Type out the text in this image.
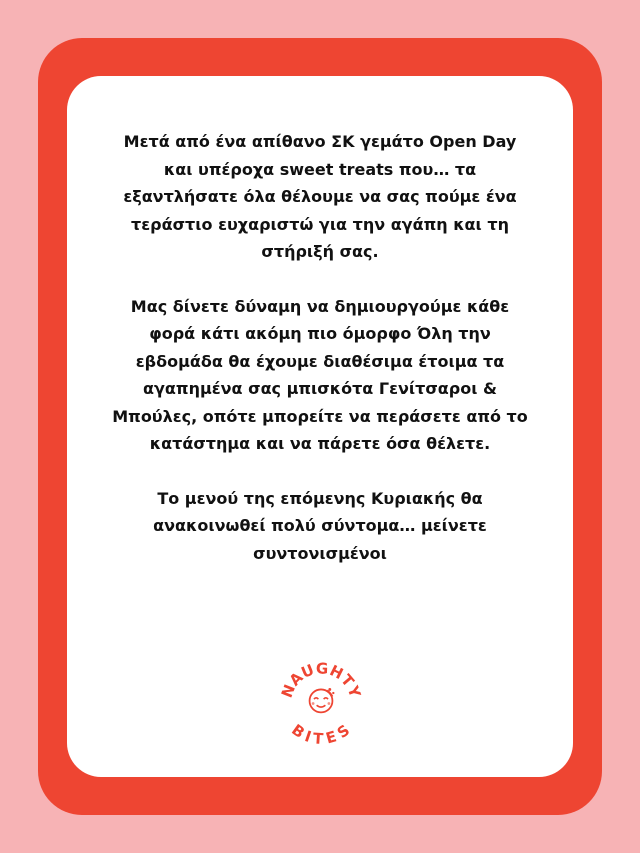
Μετά από ένα απίθανο ΣΚ γεμάτο Open Day
και υπέροχα sweet treats που… τα
εξαντλήσατε όλα θέλουμε να σας πούμε ένα
τεράστιο ευχαριστώ για την αγάπη και τη
στήριξή σας.

Μας δίνετε δύναμη να δημιουργούμε κάθε
φορά κάτι ακόμη πιο όμορφο Όλη την
εβδομάδα θα έχουμε διαθέσιμα έτοιμα τα
αγαπημένα σας μπισκότα Γενίτσαροι &
Μπούλες, οπότε μπορείτε να περάσετε από το
κατάστημα και να πάρετε όσα θέλετε.

Το μενού της επόμενης Κυριακής θα
ανακοινωθεί πολύ σύντομα… μείνετε
συντονισμένοι

NAUGHTY
BITES
